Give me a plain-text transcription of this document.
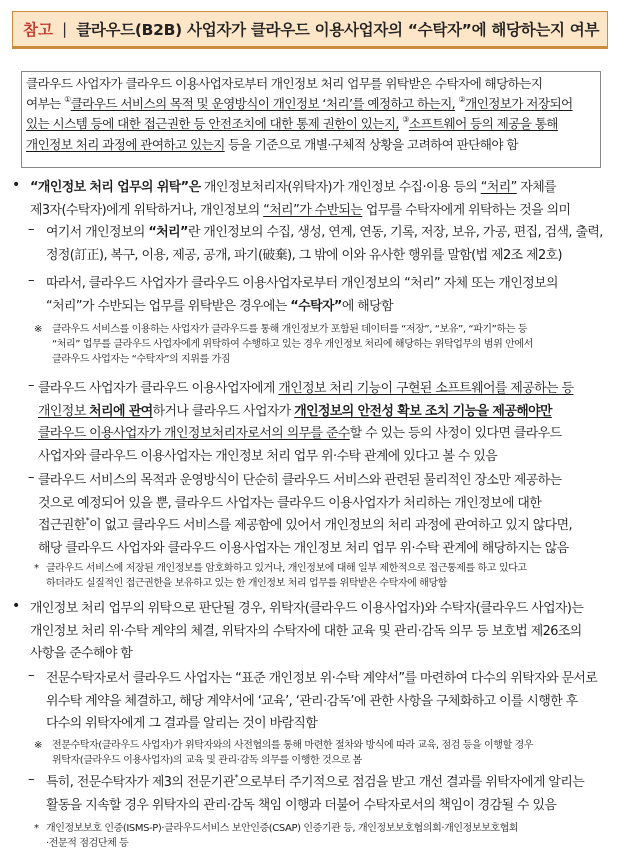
참고 | 클라우드(B2B) 사업자가 클라우드 이용사업자의 “수탁자”에 해당하는지 여부
클라우드 사업자가 클라우드 이용사업자로부터 개인정보 처리 업무를 위탁받은 수탁자에 해당하는지
여부는 ①클라우드 서비스의 목적 및 운영방식이 개인정보 ‘처리’를 예정하고 하는지, ②개인정보가 저장되어
있는 시스템 등에 대한 접근권한 등 안전조치에 대한 통제 권한이 있는지, ③소프트웨어 등의 제공을 통해
개인정보 처리 과정에 관여하고 있는지 등을 기준으로 개별·구체적 상황을 고려하여 판단해야 함
• “개인정보 처리 업무의 위탁”은 개인정보처리자(위탁자)가 개인정보 수집·이용 등의 “처리” 자체를
제3자(수탁자)에게 위탁하거나, 개인정보의 “처리”가 수반되는 업무를 수탁자에게 위탁하는 것을 의미
– 여기서 개인정보의 “처리”란 개인정보의 수집, 생성, 연계, 연동, 기록, 저장, 보유, 가공, 편집, 검색, 출력,
정정(訂正), 복구, 이용, 제공, 공개, 파기(破棄), 그 밖에 이와 유사한 행위를 말함(법 제2조 제2호)
– 따라서, 클라우드 사업자가 클라우드 이용사업자로부터 개인정보의 “처리” 자체 또는 개인정보의
“처리”가 수반되는 업무를 위탁받은 경우에는 “수탁자”에 해당함
※ 클라우드 서비스를 이용하는 사업자가 클라우드를 통해 개인정보가 포함된 데이터를 “저장”, “보유”, “파기”하는 등
“처리” 업무를 클라우드 사업자에게 위탁하여 수행하고 있는 경우 개인정보 처리에 해당하는 위탁업무의 범위 안에서
클라우드 사업자는 “수탁자”의 지위를 가짐
– 클라우드 사업자가 클라우드 이용사업자에게 개인정보 처리 기능이 구현된 소프트웨어를 제공하는 등
개인정보 처리에 관여하거나 클라우드 사업자가 개인정보의 안전성 확보 조치 기능을 제공해야만
클라우드 이용사업자가 개인정보처리자로서의 의무를 준수할 수 있는 등의 사정이 있다면 클라우드
사업자와 클라우드 이용사업자는 개인정보 처리 업무 위·수탁 관계에 있다고 볼 수 있음
– 클라우드 서비스의 목적과 운영방식이 단순히 클라우드 서비스와 관련된 물리적인 장소만 제공하는
것으로 예정되어 있을 뿐, 클라우드 사업자는 클라우드 이용사업자가 처리하는 개인정보에 대한
접근권한*이 없고 클라우드 서비스를 제공함에 있어서 개인정보의 처리 과정에 관여하고 있지 않다면,
해당 클라우드 사업자와 클라우드 이용사업자는 개인정보 처리 업무 위·수탁 관계에 해당하지는 않음
* 클라우드 서비스에 저장된 개인정보를 암호화하고 있거나, 개인정보에 대해 일부 제한적으로 접근통제를 하고 있다고
하더라도 실질적인 접근권한을 보유하고 있는 한 개인정보 처리 업무를 위탁받은 수탁자에 해당함
• 개인정보 처리 업무의 위탁으로 판단될 경우, 위탁자(클라우드 이용사업자)와 수탁자(클라우드 사업자)는
개인정보 처리 위·수탁 계약의 체결, 위탁자의 수탁자에 대한 교육 및 관리·감독 의무 등 보호법 제26조의
사항을 준수해야 함
– 전문수탁자로서 클라우드 사업자는 “표준 개인정보 위·수탁 계약서”를 마련하여 다수의 위탁자와 문서로
위수탁 계약을 체결하고, 해당 계약서에 ‘교육’, ‘관리·감독’에 관한 사항을 구체화하고 이를 시행한 후
다수의 위탁자에게 그 결과를 알리는 것이 바람직함
※ 전문수탁자(클라우드 사업자)가 위탁자와의 사전협의를 통해 마련한 절차와 방식에 따라 교육, 점검 등을 이행할 경우
위탁자(클라우드 이용사업자)의 교육 및 관리·감독 의무를 이행한 것으로 봄
– 특히, 전문수탁자가 제3의 전문기관*으로부터 주기적으로 점검을 받고 개선 결과를 위탁자에게 알리는
활동을 지속할 경우 위탁자의 관리·감독 책임 이행과 더불어 수탁자로서의 책임이 경감될 수 있음
* 개인정보보호 인증(ISMS-P)·클라우드서비스 보안인증(CSAP) 인증기관 등, 개인정보보호협의회·개인정보보호협회
·전문적 점검단체 등
